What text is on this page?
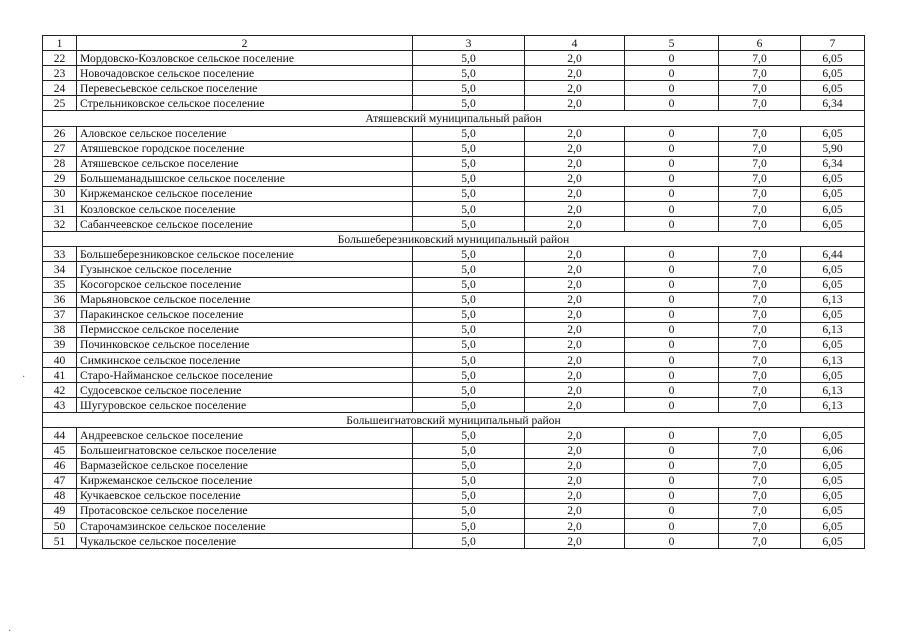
1	2	3	4	5	6	7
22	Мордовско-Козловское сельское поселение	5,0	2,0	0	7,0	6,05
23	Новочадовское сельское поселение	5,0	2,0	0	7,0	6,05
24	Перевесьевское сельское поселение	5,0	2,0	0	7,0	6,05
25	Стрельниковское сельское поселение	5,0	2,0	0	7,0	6,34
Атяшевский муниципальный район						
26	Аловское сельское поселение	5,0	2,0	0	7,0	6,05
27	Атяшевское городское поселение	5,0	2,0	0	7,0	5,90
28	Атяшевское сельское поселение	5,0	2,0	0	7,0	6,34
29	Большеманадышское сельское поселение	5,0	2,0	0	7,0	6,05
30	Киржеманское сельское поселение	5,0	2,0	0	7,0	6,05
31	Козловское сельское поселение	5,0	2,0	0	7,0	6,05
32	Сабанчеевское сельское поселение	5,0	2,0	0	7,0	6,05
Большеберезниковский муниципальный район						
33	Большеберезниковское сельское поселение	5,0	2,0	0	7,0	6,44
34	Гузынское сельское поселение	5,0	2,0	0	7,0	6,05
35	Косогорское сельское поселение	5,0	2,0	0	7,0	6,05
36	Марьяновское сельское поселение	5,0	2,0	0	7,0	6,13
37	Паракинское сельское поселение	5,0	2,0	0	7,0	6,05
38	Пермисское сельское поселение	5,0	2,0	0	7,0	6,13
39	Починковское сельское поселение	5,0	2,0	0	7,0	6,05
40	Симкинское сельское поселение	5,0	2,0	0	7,0	6,13
41	Старо-Найманское сельское поселение	5,0	2,0	0	7,0	6,05
42	Судосевское сельское поселение	5,0	2,0	0	7,0	6,13
43	Шугуровское сельское поселение	5,0	2,0	0	7,0	6,13
Большеигнатовский муниципальный район						
44	Андреевское сельское поселение	5,0	2,0	0	7,0	6,05
45	Большеигнатовское сельское поселение	5,0	2,0	0	7,0	6,06
46	Вармазейское сельское поселение	5,0	2,0	0	7,0	6,05
47	Киржеманское сельское поселение	5,0	2,0	0	7,0	6,05
48	Кучкаевское сельское поселение	5,0	2,0	0	7,0	6,05
49	Протасовское сельское поселение	5,0	2,0	0	7,0	6,05
50	Старочамзинское сельское поселение	5,0	2,0	0	7,0	6,05
51	Чукальское сельское поселение	5,0	2,0	0	7,0	6,05
·
·
